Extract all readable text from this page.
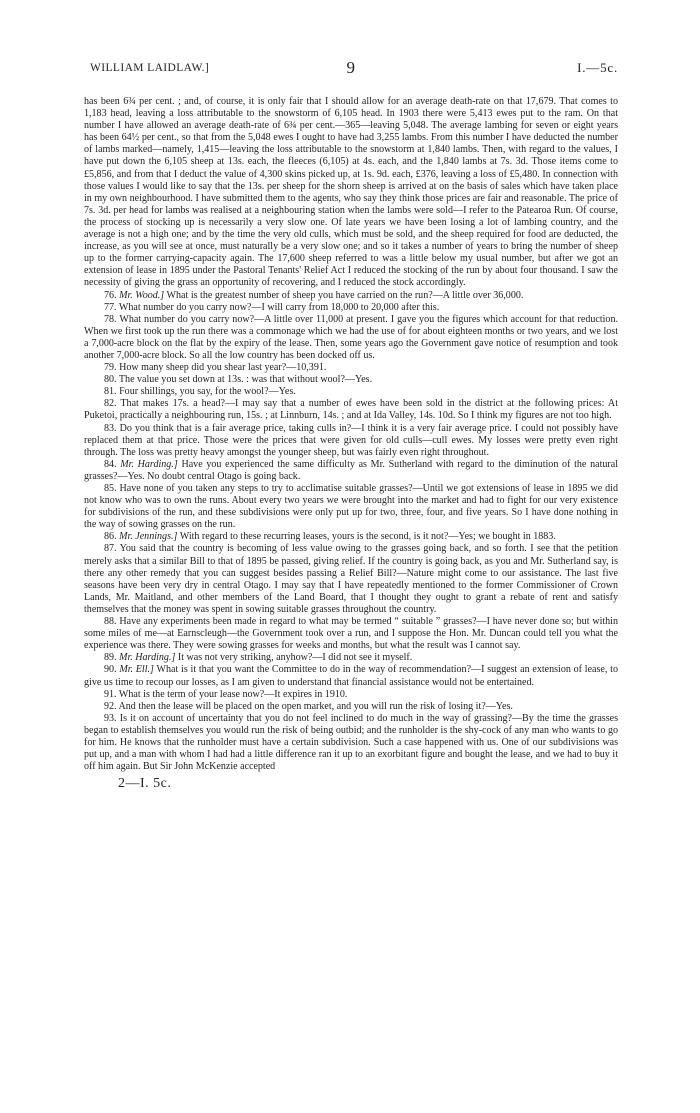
WILLIAM LAIDLAW.]	9	I.—5c.

has been 6¾ per cent. ; and, of course, it is only fair that I should allow for an average death-rate on that 17,679. That comes to 1,183 head, leaving a loss attributable to the snowstorm of 6,105 head. In 1903 there were 5,413 ewes put to the ram. On that number I have allowed an average death-rate of 6¾ per cent.—365—leaving 5,048. The average lambing for seven or eight years has been 64½ per cent., so that from the 5,048 ewes I ought to have had 3,255 lambs. From this number I have deducted the number of lambs marked—namely, 1,415—leaving the loss attributable to the snowstorm at 1,840 lambs. Then, with regard to the values, I have put down the 6,105 sheep at 13s. each, the fleeces (6,105) at 4s. each, and the 1,840 lambs at 7s. 3d. Those items come to £5,856, and from that I deduct the value of 4,300 skins picked up, at 1s. 9d. each, £376, leaving a loss of £5,480. In connection with those values I would like to say that the 13s. per sheep for the shorn sheep is arrived at on the basis of sales which have taken place in my own neighbourhood. I have submitted them to the agents, who say they think those prices are fair and reasonable. The price of 7s. 3d. per head for lambs was realised at a neighbouring station when the lambs were sold—I refer to the Patearoa Run. Of course, the process of stocking up is necessarily a very slow one. Of late years we have been losing a lot of lambing country, and the average is not a high one; and by the time the very old culls, which must be sold, and the sheep required for food are deducted, the increase, as you will see at once, must naturally be a very slow one; and so it takes a number of years to bring the number of sheep up to the former carrying-capacity again. The 17,600 sheep referred to was a little below my usual number, but after we got an extension of lease in 1895 under the Pastoral Tenants' Relief Act I reduced the stocking of the run by about four thousand. I saw the necessity of giving the grass an opportunity of recovering, and I reduced the stock accordingly.

76. Mr. Wood.] What is the greatest number of sheep you have carried on the run?—A little over 36,000.

77. What number do you carry now?—I will carry from 18,000 to 20,000 after this.

78. What number do you carry now?—A little over 11,000 at present. I gave you the figures which account for that reduction. When we first took up the run there was a commonage which we had the use of for about eighteen months or two years, and we lost a 7,000-acre block on the flat by the expiry of the lease. Then, some years ago the Government gave notice of resumption and took another 7,000-acre block. So all the low country has been docked off us.

79. How many sheep did you shear last year?—10,391.

80. The value you set down at 13s. : was that without wool?—Yes.

81. Four shillings, you say, for the wool?—Yes.

82. That makes 17s. a head?—I may say that a number of ewes have been sold in the district at the following prices: At Puketoi, practically a neighbouring run, 15s. ; at Linnburn, 14s. ; and at Ida Valley, 14s. 10d. So I think my figures are not too high.

83. Do you think that is a fair average price, taking culls in?—I think it is a very fair average price. I could not possibly have replaced them at that price. Those were the prices that were given for old culls—cull ewes. My losses were pretty even right through. The loss was pretty heavy amongst the younger sheep, but was fairly even right throughout.

84. Mr. Harding.] Have you experienced the same difficulty as Mr. Sutherland with regard to the diminution of the natural grasses?—Yes. No doubt central Otago is going back.

85. Have none of you taken any steps to try to acclimatise suitable grasses?—Until we got extensions of lease in 1895 we did not know who was to own the runs. About every two years we were brought into the market and had to fight for our very existence for subdivisions of the run, and these subdivisions were only put up for two, three, four, and five years. So I have done nothing in the way of sowing grasses on the run.

86. Mr. Jennings.] With regard to these recurring leases, yours is the second, is it not?—Yes; we bought in 1883.

87. You said that the country is becoming of less value owing to the grasses going back, and so forth. I see that the petition merely asks that a similar Bill to that of 1895 be passed, giving relief. If the country is going back, as you and Mr. Sutherland say, is there any other remedy that you can suggest besides passing a Relief Bill?—Nature might come to our assistance. The last five seasons have been very dry in central Otago. I may say that I have repeatedly mentioned to the former Commissioner of Crown Lands, Mr. Maitland, and other members of the Land Board, that I thought they ought to grant a rebate of rent and satisfy themselves that the money was spent in sowing suitable grasses throughout the country.

88. Have any experiments been made in regard to what may be termed “ suitable ” grasses?—I have never done so; but within some miles of me—at Earnscleugh—the Government took over a run, and I suppose the Hon. Mr. Duncan could tell you what the experience was there. They were sowing grasses for weeks and months, but what the result was I cannot say.

89. Mr. Harding.] It was not very striking, anyhow?—I did not see it myself.

90. Mr. Ell.] What is it that you want the Committee to do in the way of recommendation?—I suggest an extension of lease, to give us time to recoup our losses, as I am given to understand that financial assistance would not be entertained.

91. What is the term of your lease now?—It expires in 1910.

92. And then the lease will be placed on the open market, and you will run the risk of losing it?—Yes.

93. Is it on account of uncertainty that you do not feel inclined to do much in the way of grassing?—By the time the grasses began to establish themselves you would run the risk of being outbid; and the runholder is the shy-cock of any man who wants to go for him. He knows that the runholder must have a certain subdivision. Such a case happened with us. One of our subdivisions was put up, and a man with whom I had had a little difference ran it up to an exorbitant figure and bought the lease, and we had to buy it off him again. But Sir John McKenzie accepted

2—I. 5c.
